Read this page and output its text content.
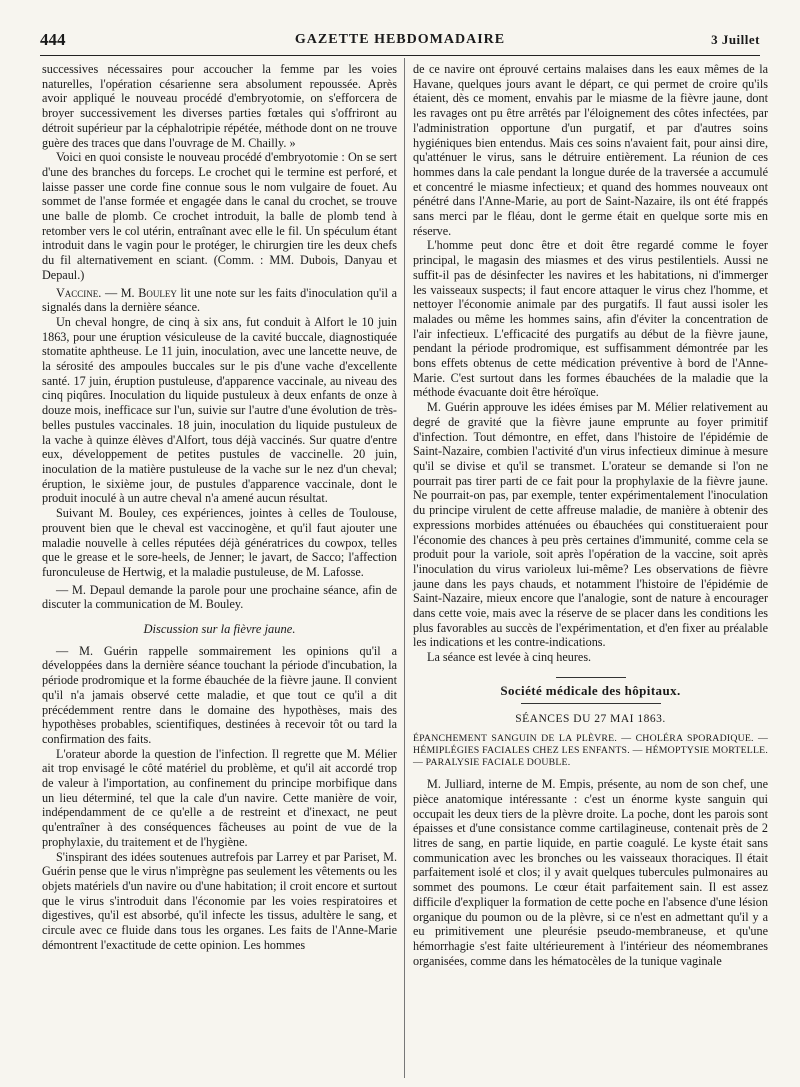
444	GAZETTE HEBDOMADAIRE	3 Juillet

successives nécessaires pour accoucher la femme par les voies naturelles, l'opération césarienne sera absolument repoussée. Après avoir appliqué le nouveau procédé d'embryotomie, on s'efforcera de broyer successivement les diverses parties fœtales qui s'offriront au détroit supérieur par la céphalotripie répétée, méthode dont on ne trouve guère des traces que dans l'ouvrage de M. Chailly. »

Voici en quoi consiste le nouveau procédé d'embryotomie : On se sert d'une des branches du forceps. Le crochet qui le termine est perforé, et laisse passer une corde fine connue sous le nom vulgaire de fouet. Au sommet de l'anse formée et engagée dans le canal du crochet, se trouve une balle de plomb. Ce crochet introduit, la balle de plomb tend à retomber vers le col utérin, entraînant avec elle le fil. Un spéculum étant introduit dans le vagin pour le protéger, le chirurgien tire les deux chefs du fil alternativement en sciant. (Comm. : MM. Dubois, Danyau et Depaul.)

Vaccine. — M. Bouley lit une note sur les faits d'inoculation qu'il a signalés dans la dernière séance.

Un cheval hongre, de cinq à six ans, fut conduit à Alfort le 10 juin 1863, pour une éruption vésiculeuse de la cavité buccale, diagnostiquée stomatite aphtheuse. Le 11 juin, inoculation, avec une lancette neuve, de la sérosité des ampoules buccales sur le pis d'une vache d'excellente santé. 17 juin, éruption pustuleuse, d'apparence vaccinale, au niveau des cinq piqûres. Inoculation du liquide pustuleux à deux enfants de onze à douze mois, inefficace sur l'un, suivie sur l'autre d'une évolution de très-belles pustules vaccinales. 18 juin, inoculation du liquide pustuleux de la vache à quinze élèves d'Alfort, tous déjà vaccinés. Sur quatre d'entre eux, développement de petites pustules de vaccinelle. 20 juin, inoculation de la matière pustuleuse de la vache sur le nez d'un cheval; éruption, le sixième jour, de pustules d'apparence vaccinale, dont le produit inoculé à un autre cheval n'a amené aucun résultat.

Suivant M. Bouley, ces expériences, jointes à celles de Toulouse, prouvent bien que le cheval est vaccinogène, et qu'il faut ajouter une maladie nouvelle à celles réputées déjà génératrices du cowpox, telles que le grease et le sore-heels, de Jenner; le javart, de Sacco; l'affection furonculeuse de Hertwig, et la maladie pustuleuse, de M. Lafosse.

— M. Depaul demande la parole pour une prochaine séance, afin de discuter la communication de M. Bouley.

Discussion sur la fièvre jaune.

— M. Guérin rappelle sommairement les opinions qu'il a développées dans la dernière séance touchant la période d'incubation, la période prodromique et la forme ébauchée de la fièvre jaune. Il convient qu'il n'a jamais observé cette maladie, et que tout ce qu'il a dit précédemment rentre dans le domaine des hypothèses, mais des hypothèses probables, scientifiques, destinées à recevoir tôt ou tard la confirmation des faits.

L'orateur aborde la question de l'infection. Il regrette que M. Mélier ait trop envisagé le côté matériel du problème, et qu'il ait accordé trop de valeur à l'importation, au confinement du principe morbifique dans un lieu déterminé, tel que la cale d'un navire. Cette manière de voir, indépendamment de ce qu'elle a de restreint et d'inexact, ne peut qu'entraîner à des conséquences fâcheuses au point de vue de la prophylaxie, du traitement et de l'hygiène.

S'inspirant des idées soutenues autrefois par Larrey et par Pariset, M. Guérin pense que le virus n'imprègne pas seulement les vêtements ou les objets matériels d'un navire ou d'une habitation; il croit encore et surtout que le virus s'introduit dans l'économie par les voies respiratoires et digestives, qu'il est absorbé, qu'il infecte les tissus, adultère le sang, et circule avec ce fluide dans tous les organes. Les faits de l'Anne-Marie démontrent l'exactitude de cette opinion. Les hommes

de ce navire ont éprouvé certains malaises dans les eaux mêmes de la Havane, quelques jours avant le départ, ce qui permet de croire qu'ils étaient, dès ce moment, envahis par le miasme de la fièvre jaune, dont les ravages ont pu être arrêtés par l'éloignement des côtes infectées, par l'administration opportune d'un purgatif, et par d'autres soins hygiéniques bien entendus. Mais ces soins n'avaient fait, pour ainsi dire, qu'atténuer le virus, sans le détruire entièrement. La réunion de ces hommes dans la cale pendant la longue durée de la traversée a accumulé et concentré le miasme infectieux; et quand des hommes nouveaux ont pénétré dans l'Anne-Marie, au port de Saint-Nazaire, ils ont été frappés sans merci par le fléau, dont le germe était en quelque sorte mis en réserve.

L'homme peut donc être et doit être regardé comme le foyer principal, le magasin des miasmes et des virus pestilentiels. Aussi ne suffit-il pas de désinfecter les navires et les habitations, ni d'immerger les vaisseaux suspects; il faut encore attaquer le virus chez l'homme, et nettoyer l'économie animale par des purgatifs. Il faut aussi isoler les malades ou même les hommes sains, afin d'éviter la concentration de l'air infectieux. L'efficacité des purgatifs au début de la fièvre jaune, pendant la période prodromique, est suffisamment démontrée par les bons effets obtenus de cette médication préventive à bord de l'Anne-Marie. C'est surtout dans les formes ébauchées de la maladie que la méthode évacuante doit être héroïque.

M. Guérin approuve les idées émises par M. Mélier relativement au degré de gravité que la fièvre jaune emprunte au foyer primitif d'infection. Tout démontre, en effet, dans l'histoire de l'épidémie de Saint-Nazaire, combien l'activité d'un virus infectieux diminue à mesure qu'il se divise et qu'il se transmet. L'orateur se demande si l'on ne pourrait pas tirer parti de ce fait pour la prophylaxie de la fièvre jaune. Ne pourrait-on pas, par exemple, tenter expérimentalement l'inoculation du principe virulent de cette affreuse maladie, de manière à obtenir des expressions morbides atténuées ou ébauchées qui constitueraient pour l'économie des chances à peu près certaines d'immunité, comme cela se produit pour la variole, soit après l'opération de la vaccine, soit après l'inoculation du virus varioleux lui-même? Les observations de fièvre jaune dans les pays chauds, et notamment l'histoire de l'épidémie de Saint-Nazaire, mieux encore que l'analogie, sont de nature à encourager dans cette voie, mais avec la réserve de se placer dans les conditions les plus favorables au succès de l'expérimentation, et d'en fixer au préalable les indications et les contre-indications.

La séance est levée à cinq heures.

Société médicale des hôpitaux.
SÉANCES DU 27 MAI 1863.
ÉPANCHEMENT SANGUIN DE LA PLÈVRE. — CHOLÉRA SPORADIQUE. — HÉMIPLÉGIES FACIALES CHEZ LES ENFANTS. — HÉMOPTYSIE MORTELLE. — PARALYSIE FACIALE DOUBLE.

M. Julliard, interne de M. Empis, présente, au nom de son chef, une pièce anatomique intéressante : c'est un énorme kyste sanguin qui occupait les deux tiers de la plèvre droite. La poche, dont les parois sont épaisses et d'une consistance comme cartilagineuse, contenait près de 2 litres de sang, en partie liquide, en partie coagulé. Le kyste était sans communication avec les bronches ou les vaisseaux thoraciques. Il était parfaitement isolé et clos; il y avait quelques tubercules pulmonaires au sommet des poumons. Le cœur était parfaitement sain. Il est assez difficile d'expliquer la formation de cette poche en l'absence d'une lésion organique du poumon ou de la plèvre, si ce n'est en admettant qu'il y a eu primitivement une pleurésie pseudo-membraneuse, et qu'une hémorrhagie s'est faite ultérieurement à l'intérieur des néomembranes organisées, comme dans les hématocèles de la tunique vaginale
